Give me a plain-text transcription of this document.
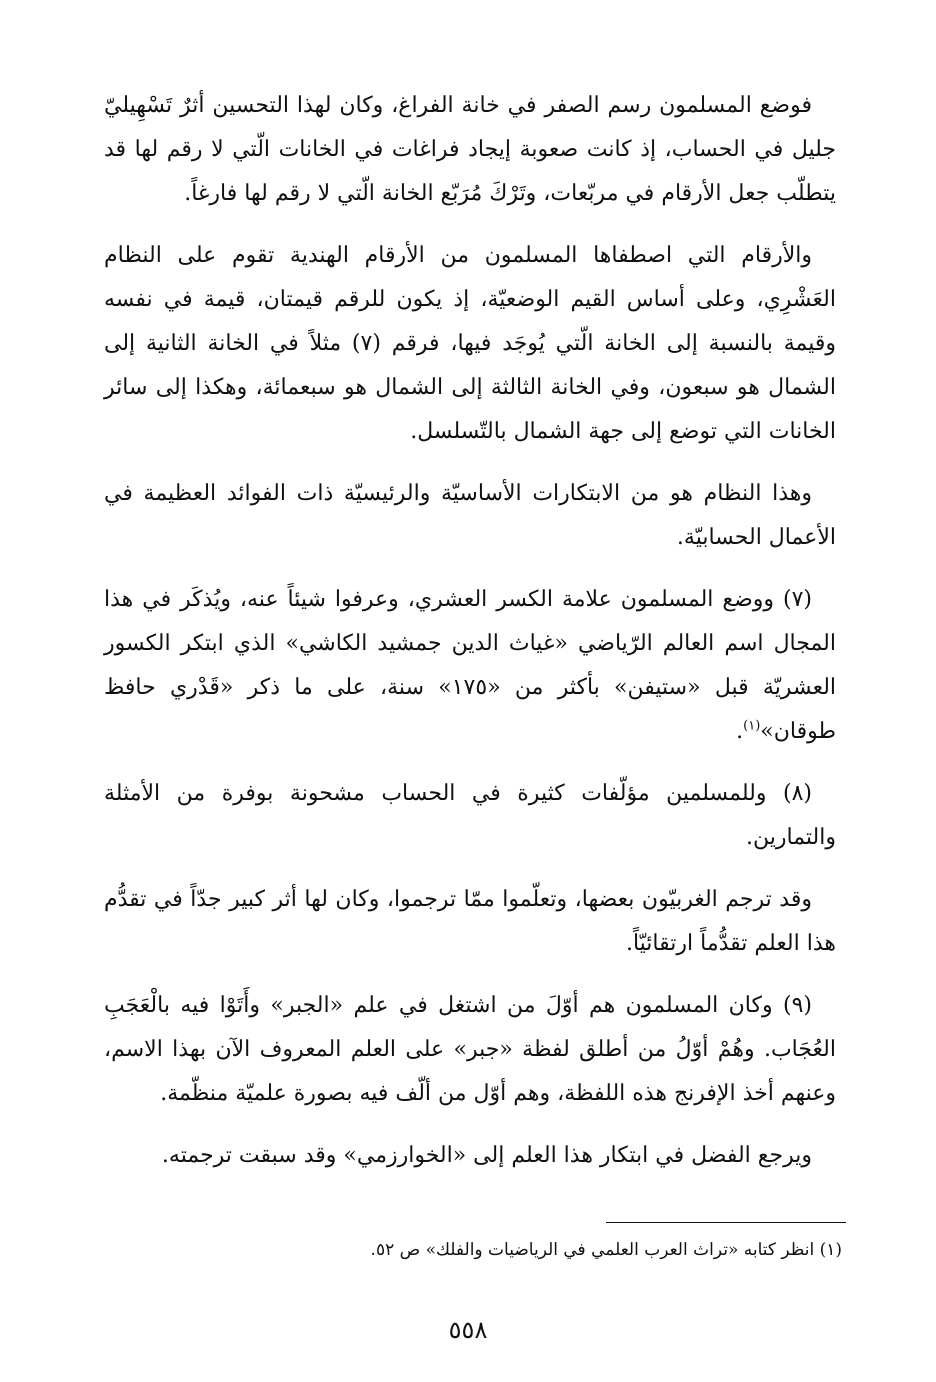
فوضع المسلمون رسم الصفر في خانة الفراغ، وكان لهذا التحسين أثرٌ تَسْهِيليّ جليل في الحساب، إذ كانت صعوبة إيجاد فراغات في الخانات الّتي لا رقم لها قد يتطلّب جعل الأرقام في مربّعات، وتَرْكَ مُرَبّع الخانة الّتي لا رقم لها فارغاً.

والأرقام التي اصطفاها المسلمون من الأرقام الهندية تقوم على النظام العَشْرِي، وعلى أساس القيم الوضعيّة، إذ يكون للرقم قيمتان، قيمة في نفسه وقيمة بالنسبة إلى الخانة الّتي يُوجَد فيها، فرقم (٧) مثلاً في الخانة الثانية إلى الشمال هو سبعون، وفي الخانة الثالثة إلى الشمال هو سبعمائة، وهكذا إلى سائر الخانات التي توضع إلى جهة الشمال بالتّسلسل.

وهذا النظام هو من الابتكارات الأساسيّة والرئيسيّة ذات الفوائد العظيمة في الأعمال الحسابيّة.

(٧) ووضع المسلمون علامة الكسر العشري، وعرفوا شيئاً عنه، ويُذكَر في هذا المجال اسم العالم الرّياضي «غياث الدين جمشيد الكاشي» الذي ابتكر الكسور العشريّة قبل «ستيفن» بأكثر من «١٧٥» سنة، على ما ذكر «قَدْري حافظ طوقان»$^{(١)}$.

(٨) وللمسلمين مؤلّفات كثيرة في الحساب مشحونة بوفرة من الأمثلة والتمارين.

وقد ترجم الغربيّون بعضها، وتعلّموا ممّا ترجموا، وكان لها أثر كبير جدّاً في تقدُّم هذا العلم تقدُّماً ارتقائيّاً.

(٩) وكان المسلمون هم أوّلَ من اشتغل في علم «الجبر» وأَتَوْا فيه بالْعَجَبِ العُجَاب. وهُمْ أوّلُ من أطلق لفظة «جبر» على العلم المعروف الآن بهذا الاسم، وعنهم أخذ الإفرنج هذه اللفظة، وهم أوّل من ألّف فيه بصورة علميّة منظّمة.

ويرجع الفضل في ابتكار هذا العلم إلى «الخوارزمي» وقد سبقت ترجمته.

(١) انظر كتابه «تراث العرب العلمي في الرياضيات والفلك» ص ٥٢.
٥٥٨
